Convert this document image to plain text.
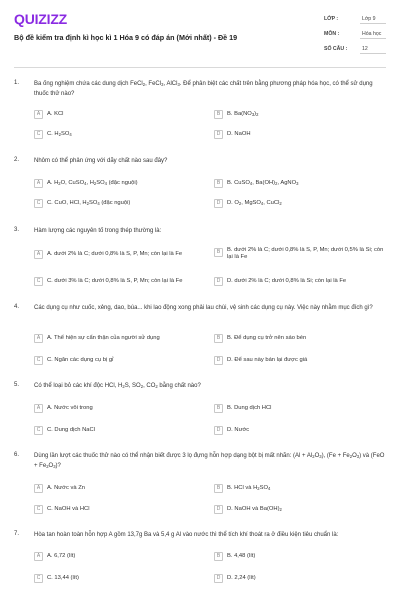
QUIZIZZ
Bộ đề kiểm tra định kì học kì 1 Hóa 9 có đáp án (Mới nhất) - Đề 19
LỚP :	Lớp 9
MÔN :	Hóa học
SỐ CÂU :	12
1. Ba ống nghiệm chứa các dung dịch FeCl$_2$, FeCl$_3$, AlCl$_3$. Để phân biệt các chất trên bằng phương pháp hóa học, có thể sử dụng thuốc thử nào?
A	A. KCl	B	B. $Ba(NO_3)_2$
C	C. $H_2SO_4$	D	D. NaOH
2. Nhôm có thể phản ứng với dãy chất nào sau đây?
A	A. $H_2O$, CuSO$_4$, $H_2SO_4$ (đặc nguội)	B	B. CuSO$_4$, $Ba(OH)_2$, AgNO$_3$
C	C. CuO, HCl, $H_2SO_4$ (đặc nguội)	D	D. $O_2$, MgSO$_4$, CuCl$_2$
3. Hàm lượng các nguyên tố trong thép thường là:
A	A. dưới 2% là C; dưới 0,8% là S, P, Mn; còn lại là Fe	B	B. dưới 2% là C; dưới 0,8% là S, P, Mn; dưới 0,5% là Si; còn lại là Fe
C	C. dưới 3% là C; dưới 0,8% là S, P, Mn; còn lại là Fe	D	D. dưới 2% là C; dưới 0,8% là Si; còn lại là Fe
4. Các dụng cụ như cuốc, xẻng, dao, búa... khi lao động xong phải lau chùi, vệ sinh các dụng cụ này. Việc này nhằm mục đích gì?
A	A. Thể hiện sự cẩn thận của người sử dụng	B	B. Để dụng cụ trở nên sáo bén
C	C. Ngăn các dụng cụ bị gỉ	D	D. Để sau này bán lại được giá
5. Có thể loại bỏ các khí độc HCl, $H_2S$, $SO_2$, $CO_2$ bằng chất nào?
A	A. Nước vôi trong	B	B. Dung dịch HCl
C	C. Dung dịch NaCl	D	D. Nước
6. Dùng lần lượt các thuốc thử nào có thể nhận biết được 3 lọ đựng hỗn hợp dạng bột bị mất nhãn: $(Al + Al_2O_3)$, $(Fe + Fe_2O_3)$ và $(FeO + Fe_2O_3)$?
A	A. Nước và Zn	B	B. HCl và $H_2SO_4$
C	C. NaOH và HCl	D	D. NaOH và $Ba(OH)_2$
7. Hòa tan hoàn toàn hỗn hợp A gồm 13,7g Ba và 5,4 g Al vào nước thì thể tích khí thoát ra ở điều kiện tiêu chuẩn là:
A	A. 6,72 (lít)	B	B. 4,48 (lít)
C	C. 13,44 (lít)	D	D. 2,24 (lít)
